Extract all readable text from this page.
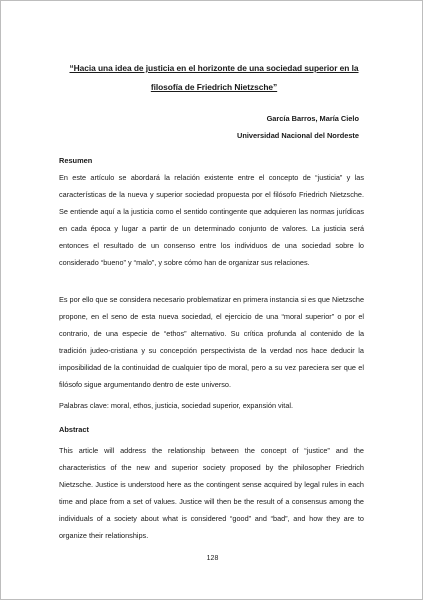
“Hacia una idea de justicia en el horizonte de una sociedad superior en la
filosofía de Friedrich Nietzsche”
García Barros, María Cielo
Universidad Nacional del Nordeste
Resumen

En este artículo se abordará la relación existente entre el concepto de “justicia” y las características de la nueva y superior sociedad propuesta por el filósofo Friedrich Nietzsche. Se entiende aquí a la justicia como el sentido contingente que adquieren las normas jurídicas en cada época y lugar a partir de un determinado conjunto de valores. La justicia será entonces el resultado de un consenso entre los individuos de una sociedad sobre lo considerado “bueno” y “malo”, y sobre cómo han de organizar sus relaciones.

Es por ello que se considera necesario problematizar en primera instancia si es que Nietzsche propone, en el seno de esta nueva sociedad, el ejercicio de una “moral superior” o por el contrario, de una especie de “ethos” alternativo. Su crítica profunda al contenido de la tradición judeo-cristiana y su concepción perspectivista de la verdad nos hace deducir la imposibilidad de la continuidad de cualquier tipo de moral, pero a su vez pareciera ser que el filósofo sigue argumentando dentro de este universo.

Palabras clave: moral, ethos, justicia, sociedad superior, expansión vital.

Abstract

This article will address the relationship between the concept of “justice” and the characteristics of the new and superior society proposed by the philosopher Friedrich Nietzsche. Justice is understood here as the contingent sense acquired by legal rules in each time and place from a set of values. Justice will then be the result of a consensus among the individuals of a society about what is considered “good” and “bad”, and how they are to organize their relationships.

128
